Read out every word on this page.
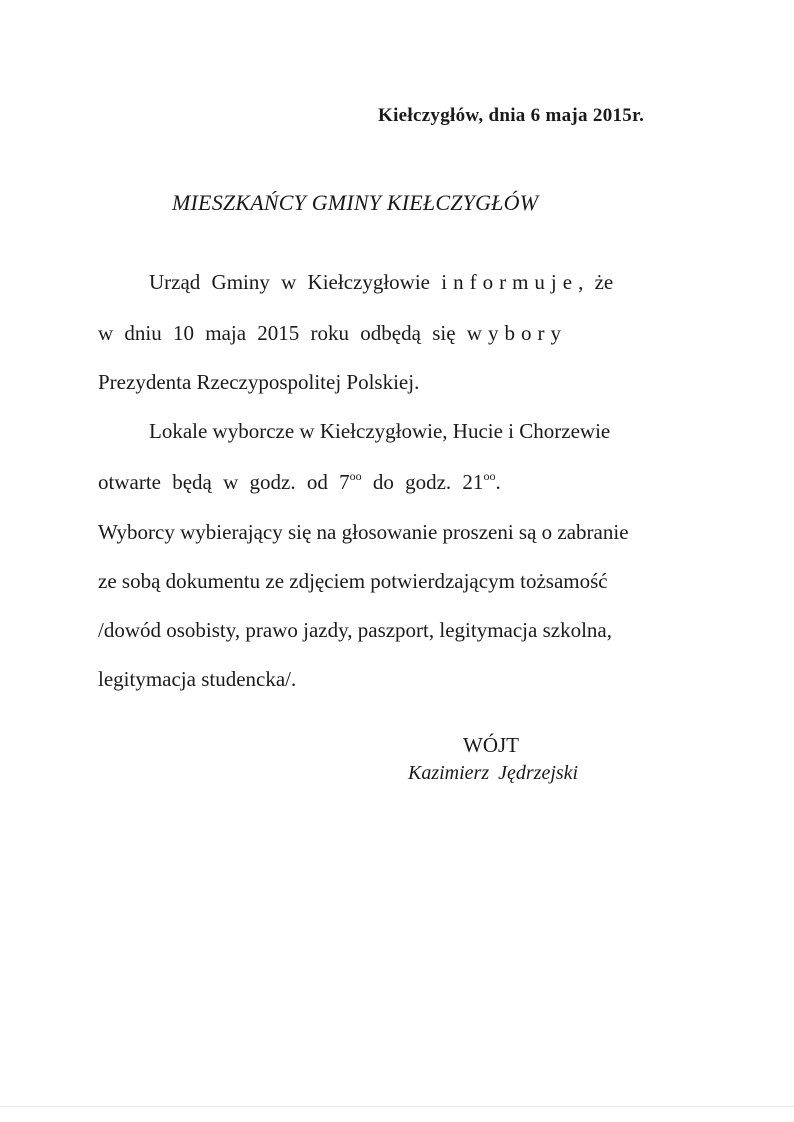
Kiełczygłów, dnia 6 maja 2015r.
MIESZKAŃCY GMINY KIEŁCZYGŁÓW
Urząd Gminy w Kiełczygłowie informuje, że
w dniu 10 maja 2015 roku odbędą się wybory
Prezydenta Rzeczypospolitej Polskiej.
Lokale wyborcze w Kiełczygłowie, Hucie i Chorzewie
otwarte będą w godz. od $7^{oo}$ do godz. $21^{oo}$.
Wyborcy wybierający się na głosowanie proszeni są o zabranie
ze sobą dokumentu ze zdjęciem potwierdzającym tożsamość
/dowód osobisty, prawo jazdy, paszport, legitymacja szkolna,
legitymacja studencka/.
WÓJT
Kazimierz Jędrzejski
